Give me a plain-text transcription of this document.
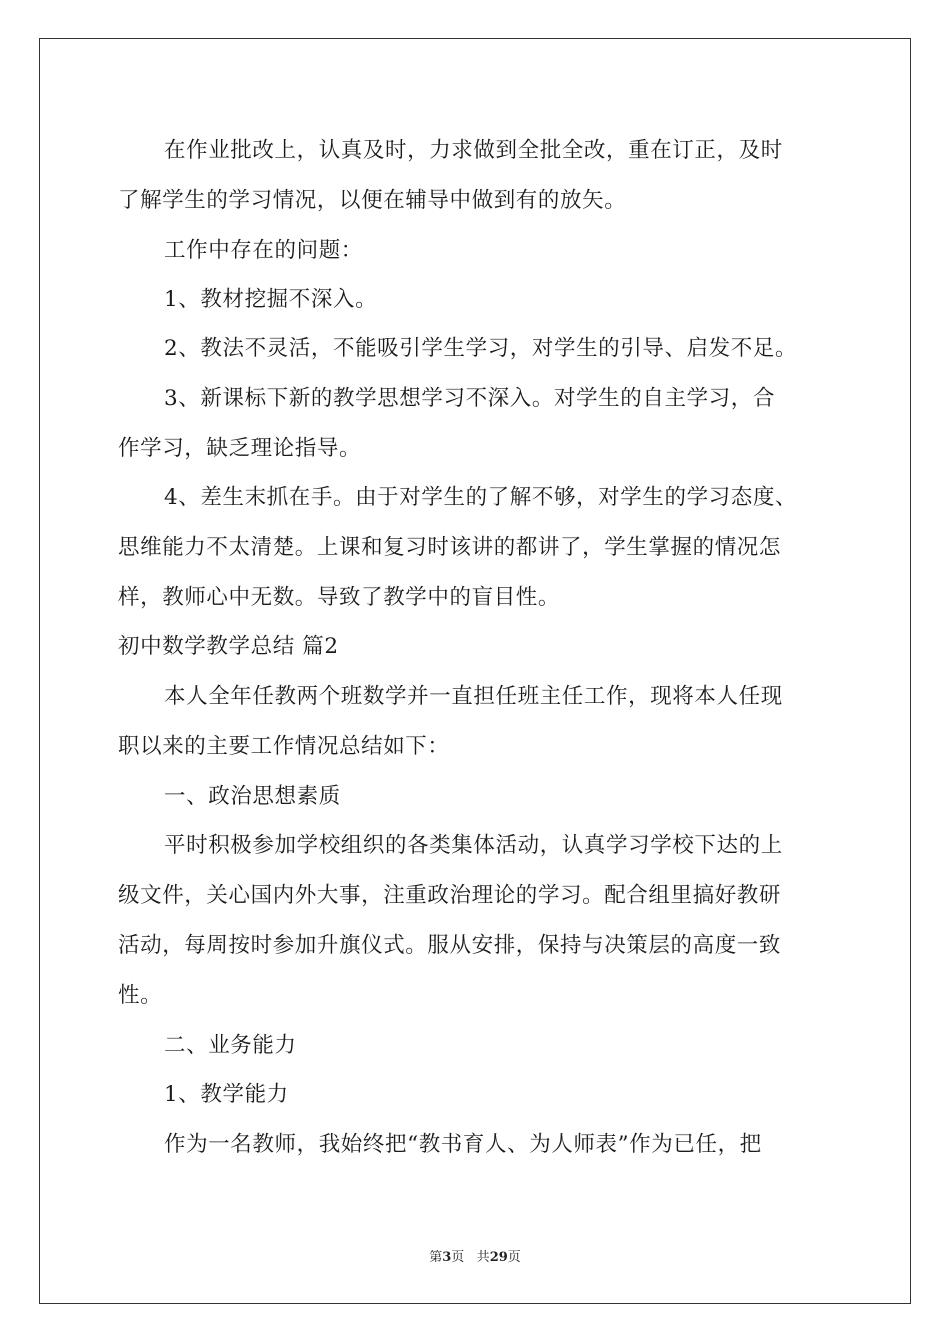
在作业批改上，认真及时，力求做到全批全改，重在订正，及时
了解学生的学习情况，以便在辅导中做到有的放矢。
工作中存在的问题：
1、教材挖掘不深入。
2、教法不灵活，不能吸引学生学习，对学生的引导、启发不足。
3、新课标下新的教学思想学习不深入。对学生的自主学习，合
作学习，缺乏理论指导。
4、差生末抓在手。由于对学生的了解不够，对学生的学习态度、
思维能力不太清楚。上课和复习时该讲的都讲了，学生掌握的情况怎
样，教师心中无数。导致了教学中的盲目性。
初中数学教学总结 篇2
本人全年任教两个班数学并一直担任班主任工作，现将本人任现
职以来的主要工作情况总结如下：
一、政治思想素质
平时积极参加学校组织的各类集体活动，认真学习学校下达的上
级文件，关心国内外大事，注重政治理论的学习。配合组里搞好教研
活动，每周按时参加升旗仪式。服从安排，保持与决策层的高度一致
性。
二、业务能力
1、教学能力
作为一名教师，我始终把“教书育人、为人师表”作为已任，把
第3页 共29页
